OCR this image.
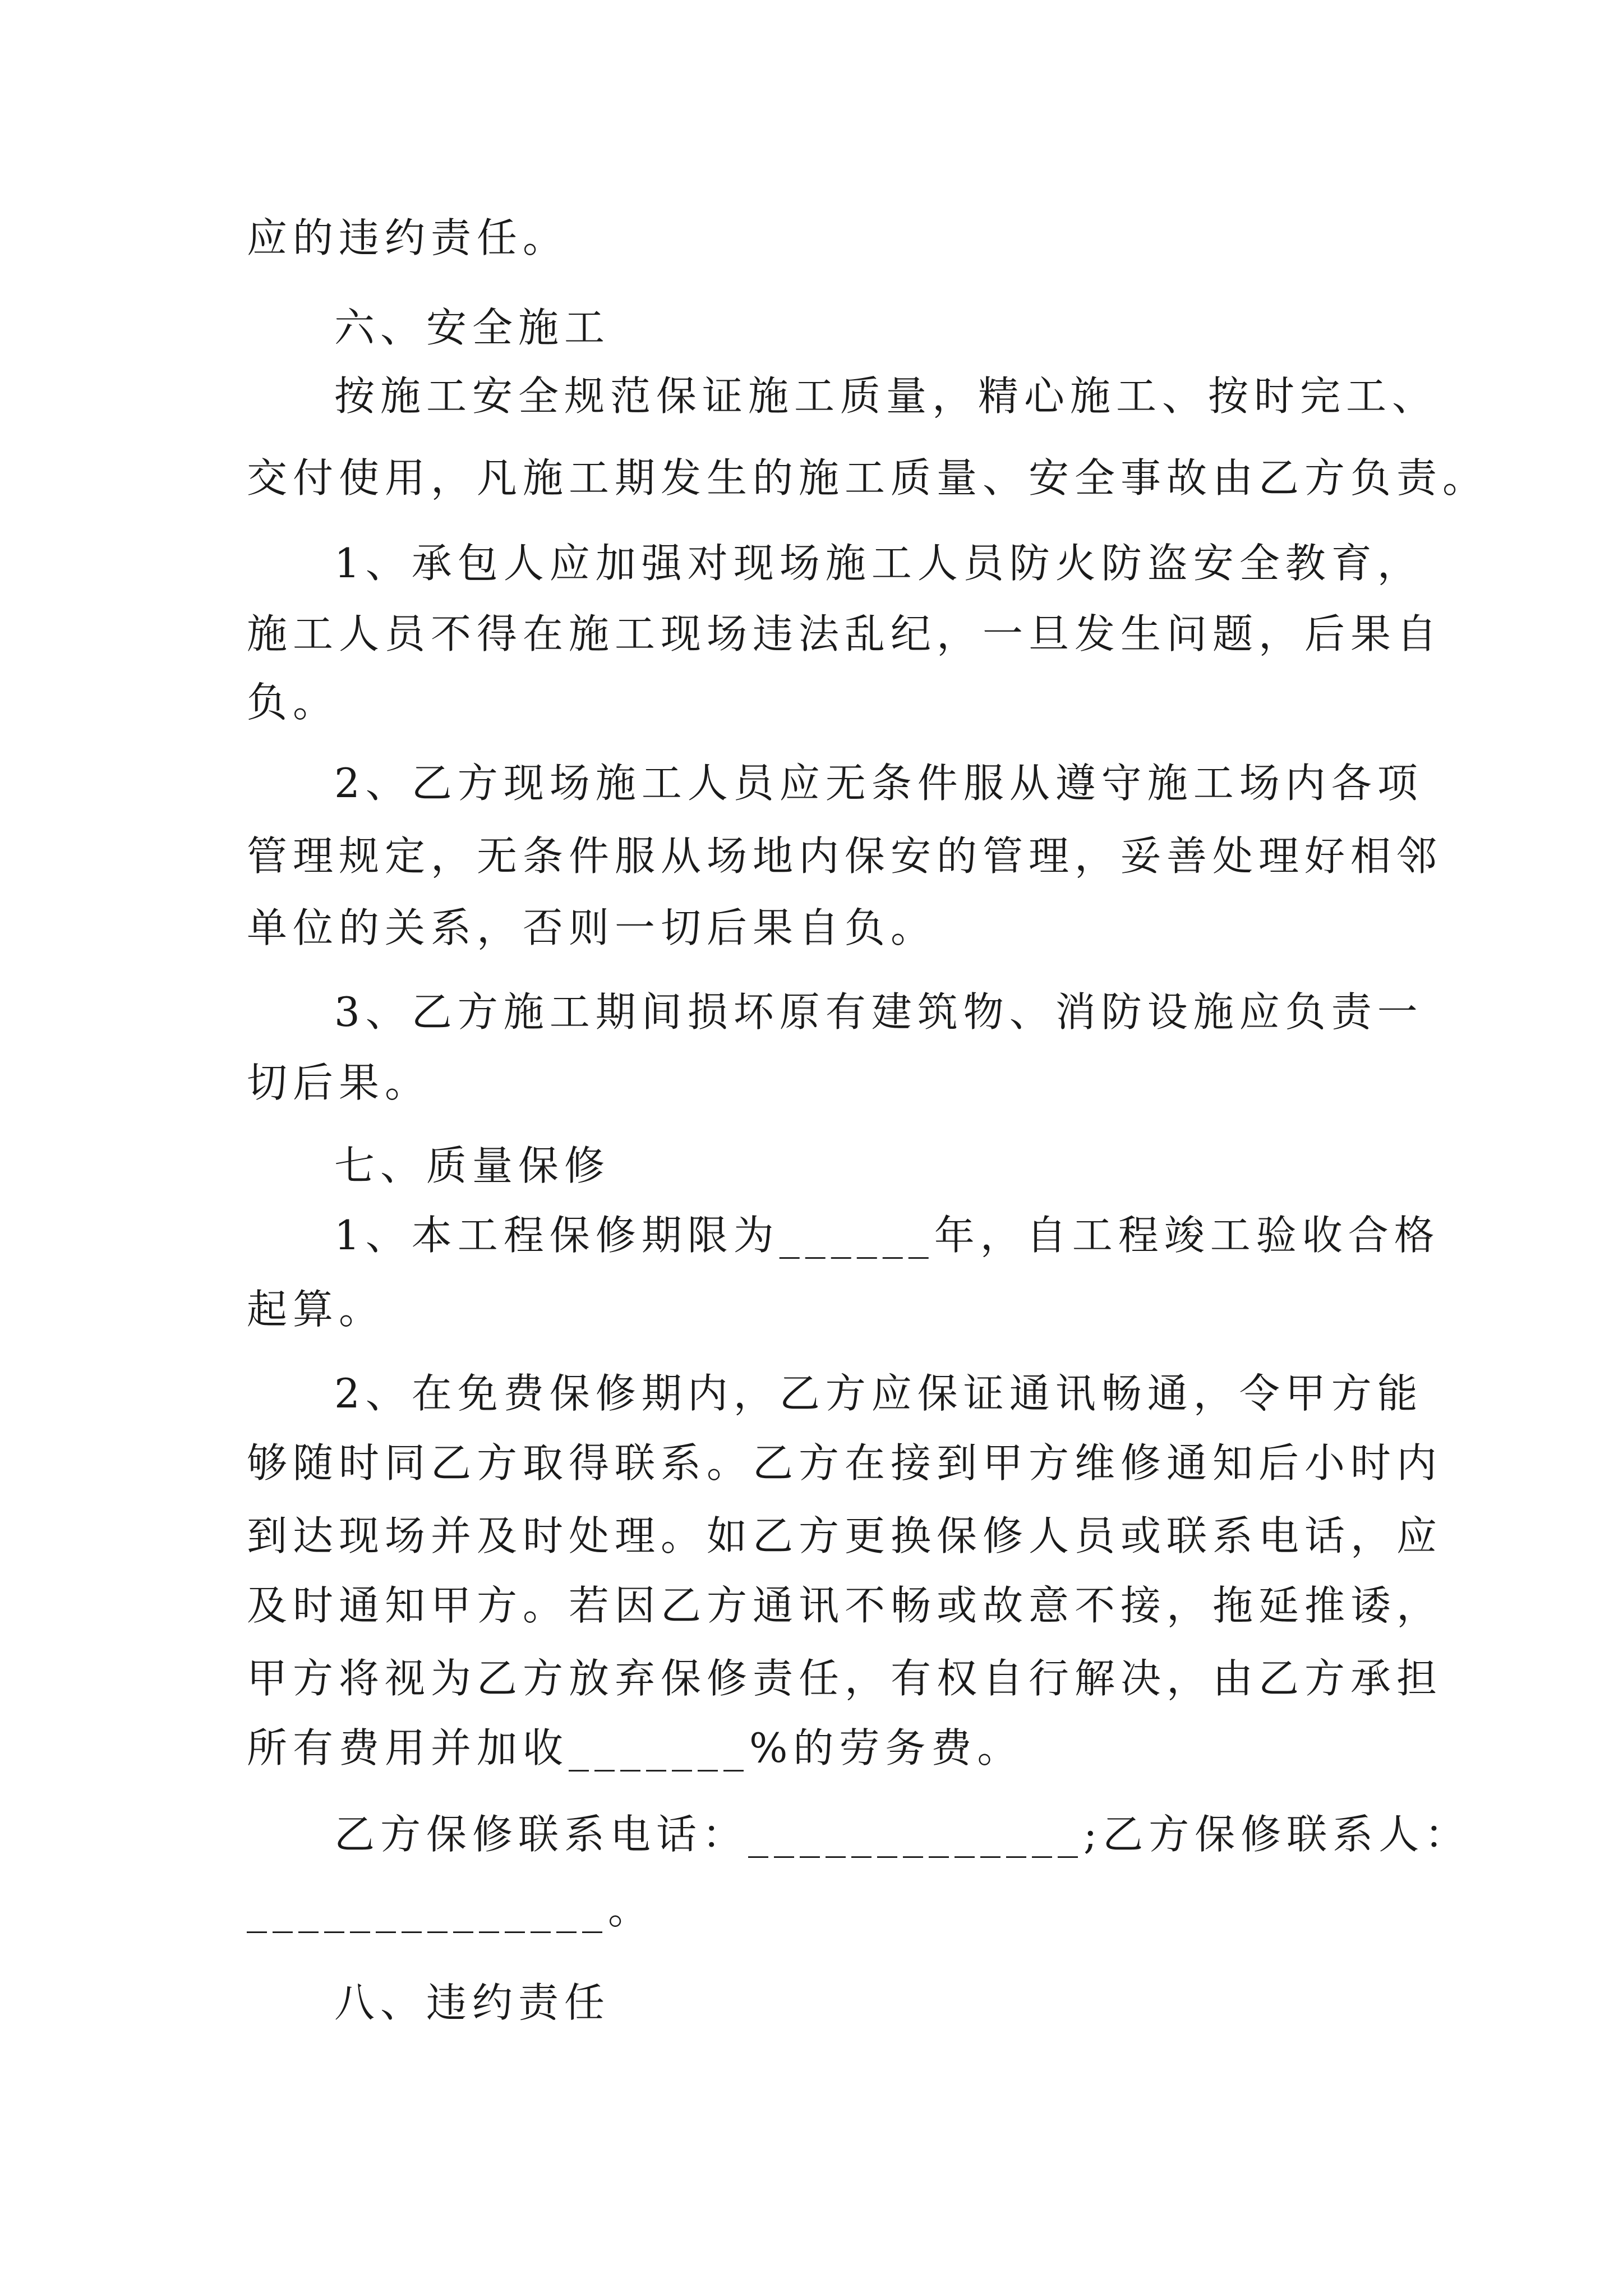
应的违约责任。
六、安全施工
按施工安全规范保证施工质量，精心施工、按时完工、
交付使用，凡施工期发生的施工质量、安全事故由乙方负责。
1、承包人应加强对现场施工人员防火防盗安全教育，
施工人员不得在施工现场违法乱纪，一旦发生问题，后果自
负。
2、乙方现场施工人员应无条件服从遵守施工场内各项
管理规定，无条件服从场地内保安的管理，妥善处理好相邻
单位的关系，否则一切后果自负。
3、乙方施工期间损坏原有建筑物、消防设施应负责一
切后果。
七、质量保修
1、本工程保修期限为______年，自工程竣工验收合格
起算。
2、在免费保修期内，乙方应保证通讯畅通，令甲方能
够随时同乙方取得联系。乙方在接到甲方维修通知后小时内
到达现场并及时处理。如乙方更换保修人员或联系电话，应
及时通知甲方。若因乙方通讯不畅或故意不接，拖延推诿，
甲方将视为乙方放弃保修责任，有权自行解决，由乙方承担
所有费用并加收_______%的劳务费。
乙方保修联系电话：_____________;乙方保修联系人：
______________。
八、违约责任
